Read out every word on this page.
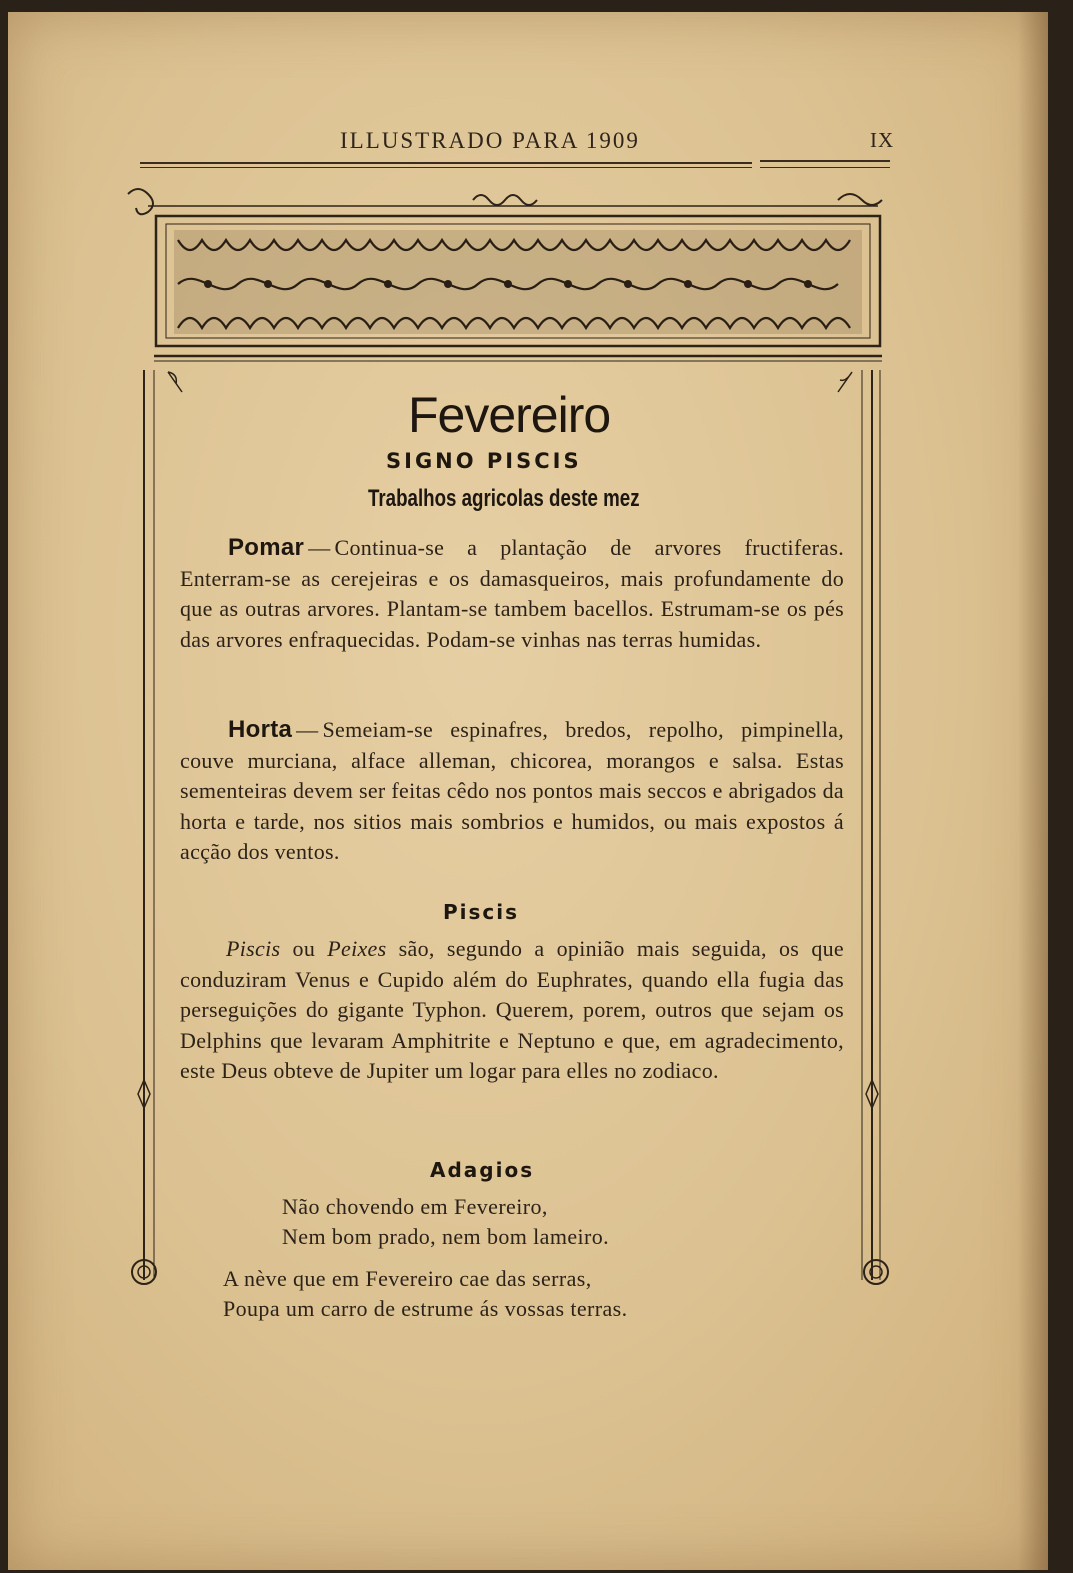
ILLUSTRADO PARA 1909	IX
Fevereiro
SIGNO PISCIS
Trabalhos agricolas deste mez
Pomar — Continua-se a plantação de arvores fructiferas. Enterram-se as cerejeiras e os damasqueiros, mais profundamente do que as outras arvores. Plantam-se tambem bacellos. Estrumam-se os pés das arvores enfraquecidas. Podam-se vinhas nas terras humidas.
Horta — Semeiam-se espinafres, bredos, repolho, pimpinella, couve murciana, alface alleman, chicorea, morangos e salsa. Estas sementeiras devem ser feitas cêdo nos pontos mais seccos e abrigados da horta e tarde, nos sitios mais sombrios e humidos, ou mais expostos á acção dos ventos.
Piscis
Piscis ou Peixes são, segundo a opinião mais seguida, os que conduziram Venus e Cupido além do Euphrates, quando ella fugia das perseguições do gigante Typhon. Querem, porem, outros que sejam os Delphins que levaram Amphitrite e Neptuno e que, em agradecimento, este Deus obteve de Jupiter um logar para elles no zodiaco.
Adagios
Não chovendo em Fevereiro,
Nem bom prado, nem bom lameiro.
A nève que em Fevereiro cae das serras,
Poupa um carro de estrume ás vossas terras.
